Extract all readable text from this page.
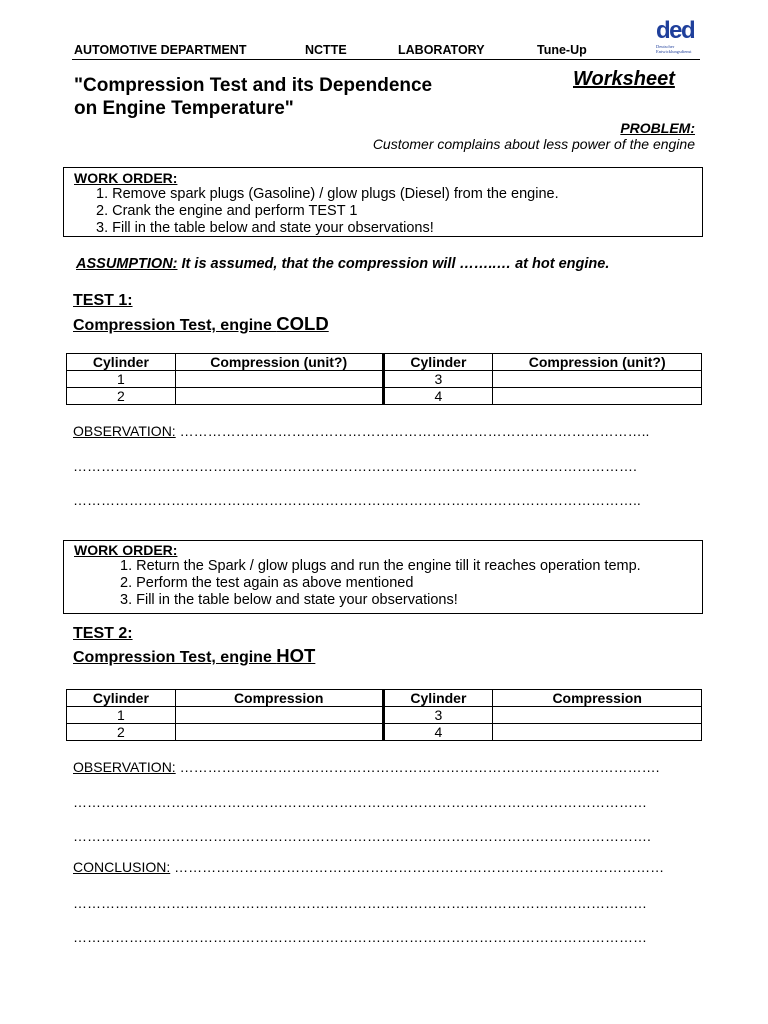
AUTOMOTIVE DEPARTMENT	NCTTE	LABORATORY	Tune-Up
ded
Deutscher
Entwicklungsdienst
"Compression Test and its Dependence
on Engine Temperature"
Worksheet
PROBLEM:
Customer complains about less power of the engine
WORK ORDER:
1. Remove spark plugs (Gasoline) / glow plugs (Diesel) from the engine.
2. Crank the engine and perform TEST 1
3. Fill in the table below and state your observations!
ASSUMPTION: It is assumed, that the compression will ……..… at hot engine.
TEST 1:
Compression Test, engine COLD
Cylinder	Compression (unit?)	Cylinder	Compression (unit?)
1		3	
2		4	
OBSERVATION: ………………………………………………………………………………………..
………………………………………………………………………………………………………….
…………………………………………………………………………………………………………..
WORK ORDER:
1. Return the Spark / glow plugs and run the engine till it reaches operation temp.
2. Perform the test again as above mentioned
3. Fill in the table below and state your observations!
TEST 2:
Compression Test, engine HOT
Cylinder	Compression	Cylinder	Compression
1		3	
2		4	
OBSERVATION: ………………………………………………………………………………………….
……………………………………………………………………………………………………………
…………………………………………………………………………………………………………….
CONCLUSION: ……………………………………………………………………………………………
……………………………………………………………………………………………………………
……………………………………………………………………………………………………………
